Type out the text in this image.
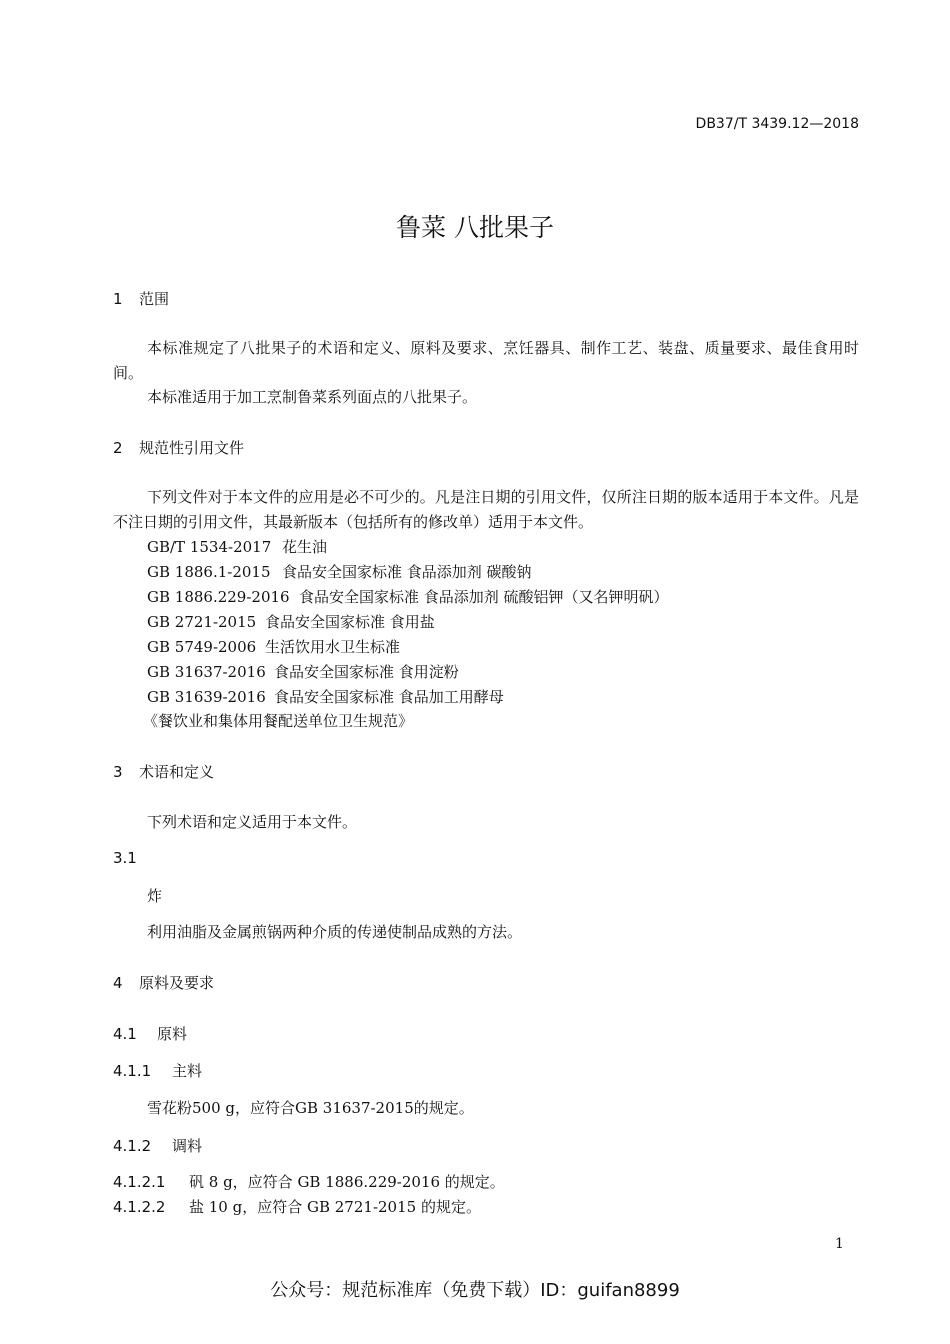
DB37/T 3439.12—2018
鲁菜 八批果子
1 范围
本标准规定了八批果子的术语和定义、原料及要求、烹饪器具、制作工艺、装盘、质量要求、最佳食用时间。
本标准适用于加工烹制鲁菜系列面点的八批果子。
2 规范性引用文件
下列文件对于本文件的应用是必不可少的。凡是注日期的引用文件，仅所注日期的版本适用于本文件。凡是不注日期的引用文件，其最新版本（包括所有的修改单）适用于本文件。
GB/T 1534-2017 花生油
GB 1886.1-2015 食品安全国家标准 食品添加剂 碳酸钠
GB 1886.229-2016 食品安全国家标准 食品添加剂 硫酸铝钾（又名钾明矾）
GB 2721-2015 食品安全国家标准 食用盐
GB 5749-2006 生活饮用水卫生标准
GB 31637-2016 食品安全国家标准 食用淀粉
GB 31639-2016 食品安全国家标准 食品加工用酵母
《餐饮业和集体用餐配送单位卫生规范》
3 术语和定义
下列术语和定义适用于本文件。
3.1
炸
利用油脂及金属煎锅两种介质的传递使制品成熟的方法。
4 原料及要求
4.1 原料
4.1.1 主料
雪花粉500 g，应符合GB 31637-2015的规定。
4.1.2 调料
4.1.2.1 矾 8 g，应符合 GB 1886.229-2016 的规定。
4.1.2.2 盐 10 g，应符合 GB 2721-2015 的规定。
1
公众号：规范标准库（免费下载）ID：guifan8899
